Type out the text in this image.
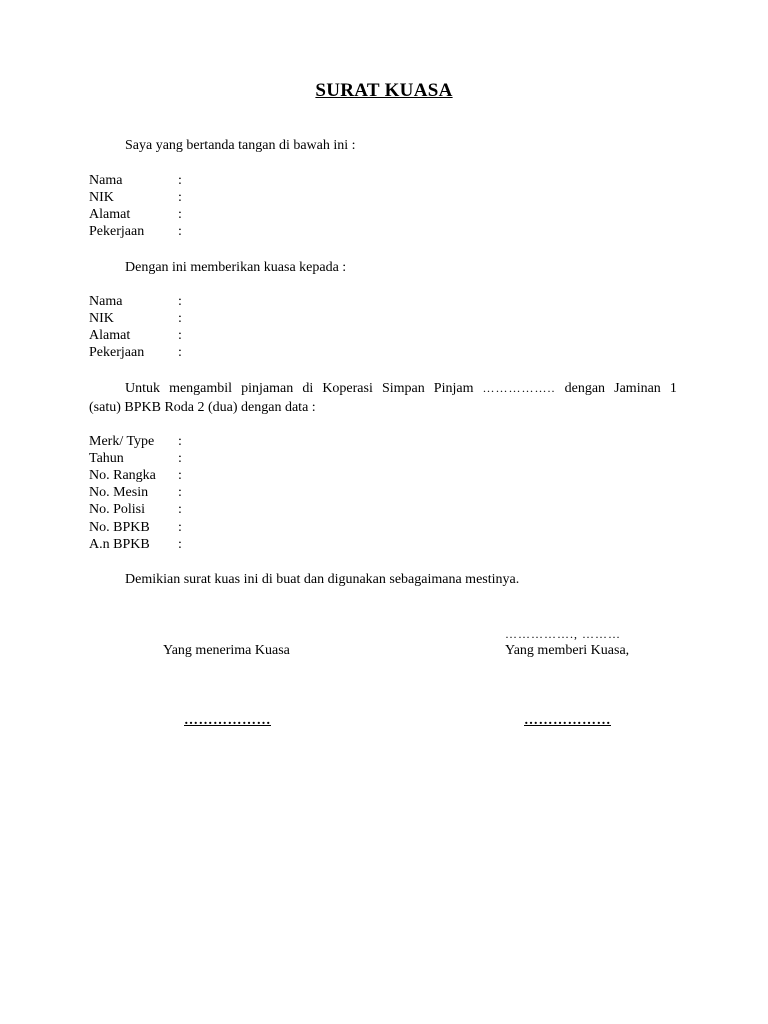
SURAT KUASA
Saya yang bertanda tangan di bawah ini :
Nama	:
NIK	:
Alamat	:
Pekerjaan :
Dengan ini memberikan kuasa kepada :
Nama	:
NIK	:
Alamat	:
Pekerjaan :
Untuk mengambil pinjaman di Koperasi Simpan Pinjam …………….. dengan Jaminan 1
(satu) BPKB Roda 2 (dua) dengan data :
Merk/ Type :
Tahun	:
No. Rangka :
No. Mesin :
No. Polisi :
No. BPKB :
A.n BPKB :
Demikian surat kuas ini di buat dan digunakan sebagaimana mestinya.
……………., ………
Yang menerima Kuasa	Yang memberi Kuasa,
………………	………………
